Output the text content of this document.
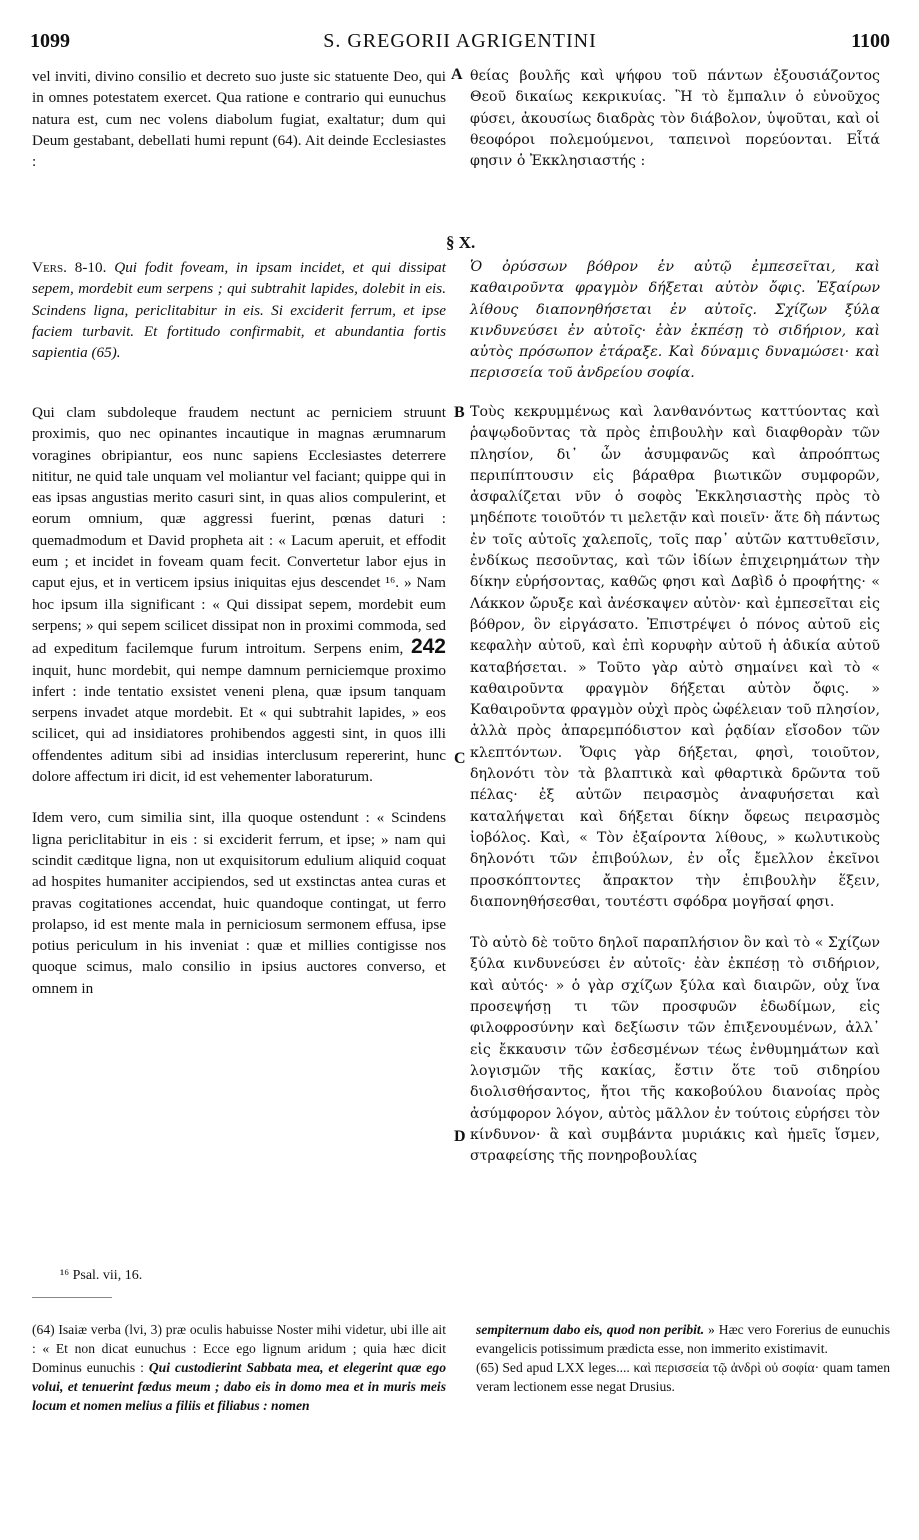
1099	S. GREGORII AGRIGENTINI	1100
A
B
C
D

vel inviti, divino consilio et decreto suo juste sic statuente Deo, qui in omnes potestatem exercet. Qua ratione e contrario qui eunuchus natura est, cum nec volens diabolum fugiat, exaltatur; dum qui Deum gestabant, debellati humi repunt (64). Ait deinde Ecclesiastes :

θείας βουλῆς καὶ ψήφου τοῦ πάντων ἐξουσιάζοντος Θεοῦ δικαίως κεκρικυίας. Ἢ τὸ ἔμπαλιν ὁ εὐνοῦχος φύσει, ἀκουσίως διαδρὰς τὸν διάβολον, ὑψοῦται, καὶ οἱ θεοφόροι πολεμούμενοι, ταπεινοὶ πορεύονται. Εἶτά φησιν ὁ Ἐκκλησιαστής :

§ X.

Vers. 8-10. Qui fodit foveam, in ipsam incidet, et qui dissipat sepem, mordebit eum serpens ; qui subtrahit lapides, dolebit in eis. Scindens ligna, periclitabitur in eis. Si exciderit ferrum, et ipse faciem turbavit. Et fortitudo confirmabit, et abundantia fortis sapientia (65).

Ὁ ὀρύσσων βόθρον ἐν αὐτῷ ἐμπεσεῖται, καὶ καθαιροῦντα φραγμὸν δήξεται αὐτὸν ὄφις. Ἐξαίρων λίθους διαπονηθήσεται ἐν αὐτοῖς. Σχίζων ξύλα κινδυνεύσει ἐν αὐτοῖς· ἐὰν ἐκπέσῃ τὸ σιδήριον, καὶ αὐτὸς πρόσωπον ἐτάραξε. Καὶ δύναμις δυναμώσει· καὶ περισσεία τοῦ ἀνδρείου σοφία.

Qui clam subdoleque fraudem nectunt ac perniciem struunt proximis, quo nec opinantes incautique in magnas ærumnarum voragines obripiantur, eos nunc sapiens Ecclesiastes deterrere nititur, ne quid tale unquam vel moliantur vel faciant; quippe qui in eas ipsas angustias merito casuri sint, in quas alios compulerint, et eorum omnium, quæ aggressi fuerint, pœnas daturi : quemadmodum et David propheta ait : « Lacum aperuit, et effodit eum ; et incidet in foveam quam fecit. Convertetur labor ejus in caput ejus, et in verticem ipsius iniquitas ejus descendet ¹⁶. » Nam hoc ipsum illa significant : « Qui dissipat sepem, mordebit eum serpens; » qui sepem scilicet dissipat non in proximi commoda, sed ad expeditum facilemque furum introitum. Serpens enim, 242 inquit, hunc mordebit, qui nempe damnum perniciemque proximo infert : inde tentatio exsistet veneni plena, quæ ipsum tanquam serpens invadet atque mordebit. Et « qui subtrahit lapides, » eos scilicet, qui ad insidiatores prohibendos aggesti sint, in quos illi offendentes aditum sibi ad insidias interclusum repererint, hunc dolore affectum iri dicit, id est vehementer laboraturum.

Idem vero, cum similia sint, illa quoque ostendunt : « Scindens ligna periclitabitur in eis : si exciderit ferrum, et ipse; » nam qui scindit cæditque ligna, non ut exquisitorum edulium aliquid coquat ad hospites humaniter accipiendos, sed ut exstinctas antea curas et pravas cogitationes accendat, huic quandoque contingat, ut ferro prolapso, id est mente mala in perniciosum sermonem effusa, ipse potius periculum in his inveniat : quæ et millies contigisse nos quoque scimus, malo consilio in ipsius auctores converso, et omnem in

Τοὺς κεκρυμμένως καὶ λανθανόντως καττύοντας καὶ ῥαψῳδοῦντας τὰ πρὸς ἐπιβουλὴν καὶ διαφθορὰν τῶν πλησίον, δι᾽ ὧν ἀσυμφανῶς καὶ ἀπροόπτως περιπίπτουσιν εἰς βάραθρα βιωτικῶν συμφορῶν, ἀσφαλίζεται νῦν ὁ σοφὸς Ἐκκλησιαστὴς πρὸς τὸ μηδέποτε τοιοῦτόν τι μελετᾷν καὶ ποιεῖν· ἅτε δὴ πάντως ἐν τοῖς αὐτοῖς χαλεποῖς, τοῖς παρ᾽ αὐτῶν καττυθεῖσιν, ἐνδίκως πεσοῦντας, καὶ τῶν ἰδίων ἐπιχειρημάτων τὴν δίκην εὑρήσοντας, καθῶς φησι καὶ Δαβὶδ ὁ προφήτης· « Λάκκον ὤρυξε καὶ ἀνέσκαψεν αὐτὸν· καὶ ἐμπεσεῖται εἰς βόθρον, ὃν εἰργάσατο. Ἐπιστρέψει ὁ πόνος αὐτοῦ εἰς κεφαλὴν αὐτοῦ, καὶ ἐπὶ κορυφὴν αὐτοῦ ἡ ἀδικία αὐτοῦ καταβήσεται. » Τοῦτο γὰρ αὐτὸ σημαίνει καὶ τὸ « καθαιροῦντα φραγμὸν δήξεται αὐτὸν ὄφις. » Καθαιροῦντα φραγμὸν οὐχὶ πρὸς ὠφέλειαν τοῦ πλησίον, ἀλλὰ πρὸς ἀπαρεμπόδιστον καὶ ῥᾳδίαν εἴσοδον τῶν κλεπτόντων. Ὄφις γὰρ δήξεται, φησὶ, τοιοῦτον, δηλονότι τὸν τὰ βλαπτικὰ καὶ φθαρτικὰ δρῶντα τοῦ πέλας· ἐξ αὐτῶν πειρασμὸς ἀναφυήσεται καὶ καταλήψεται καὶ δήξεται δίκην ὄφεως πειρασμὸς ἰοβόλος. Καὶ, « Τὸν ἐξαίροντα λίθους, » κωλυτικοὺς δηλονότι τῶν ἐπιβούλων, ἐν οἷς ἔμελλον ἐκεῖνοι προσκόπτοντες ἄπρακτον τὴν ἐπιβουλὴν ἕξειν, διαπονηθήσεσθαι, τουτέστι σφόδρα μογῆσαί φησι.

Τὸ αὐτὸ δὲ τοῦτο δηλοῖ παραπλήσιον ὂν καὶ τὸ « Σχίζων ξύλα κινδυνεύσει ἐν αὐτοῖς· ἐὰν ἐκπέσῃ τὸ σιδήριον, καὶ αὐτός· » ὁ γὰρ σχίζων ξύλα καὶ διαιρῶν, οὐχ ἵνα προσεψήσῃ τι τῶν προσφυῶν ἐδωδίμων, εἰς φιλοφροσύνην καὶ δεξίωσιν τῶν ἐπιξενουμένων, ἀλλ᾽ εἰς ἔκκαυσιν τῶν ἐσδεσμένων τέως ἐνθυμημάτων καὶ λογισμῶν τῆς κακίας, ἔστιν ὅτε τοῦ σιδηρίου διολισθήσαντος, ἤτοι τῆς κακοβούλου διανοίας πρὸς ἀσύμφορον λόγον, αὐτὸς μᾶλλον ἐν τούτοις εὑρήσει τὸν κίνδυνον· ἃ καὶ συμβάντα μυριάκις καὶ ἡμεῖς ἴσμεν, στραφείσης τῆς πονηροβουλίας

¹⁶ Psal. vii, 16.

(64) Isaiæ verba (lvi, 3) præ oculis habuisse Noster mihi videtur, ubi ille ait : « Et non dicat eunuchus : Ecce ego lignum aridum ; quia hæc dicit Dominus eunuchis : Qui custodierint Sabbata mea, et elegerint quæ ego volui, et tenuerint fœdus meum ; dabo eis in domo mea et in muris meis locum et nomen melius a filiis et filiabus : nomen

sempiternum dabo eis, quod non peribit. » Hæc vero Forerius de eunuchis evangelicis potissimum prædicta esse, non immerito existimavit.

(65) Sed apud LXX leges.... καὶ περισσεία τῷ ἀνδρὶ οὐ σοφία· quam tamen veram lectionem esse negat Drusius.
